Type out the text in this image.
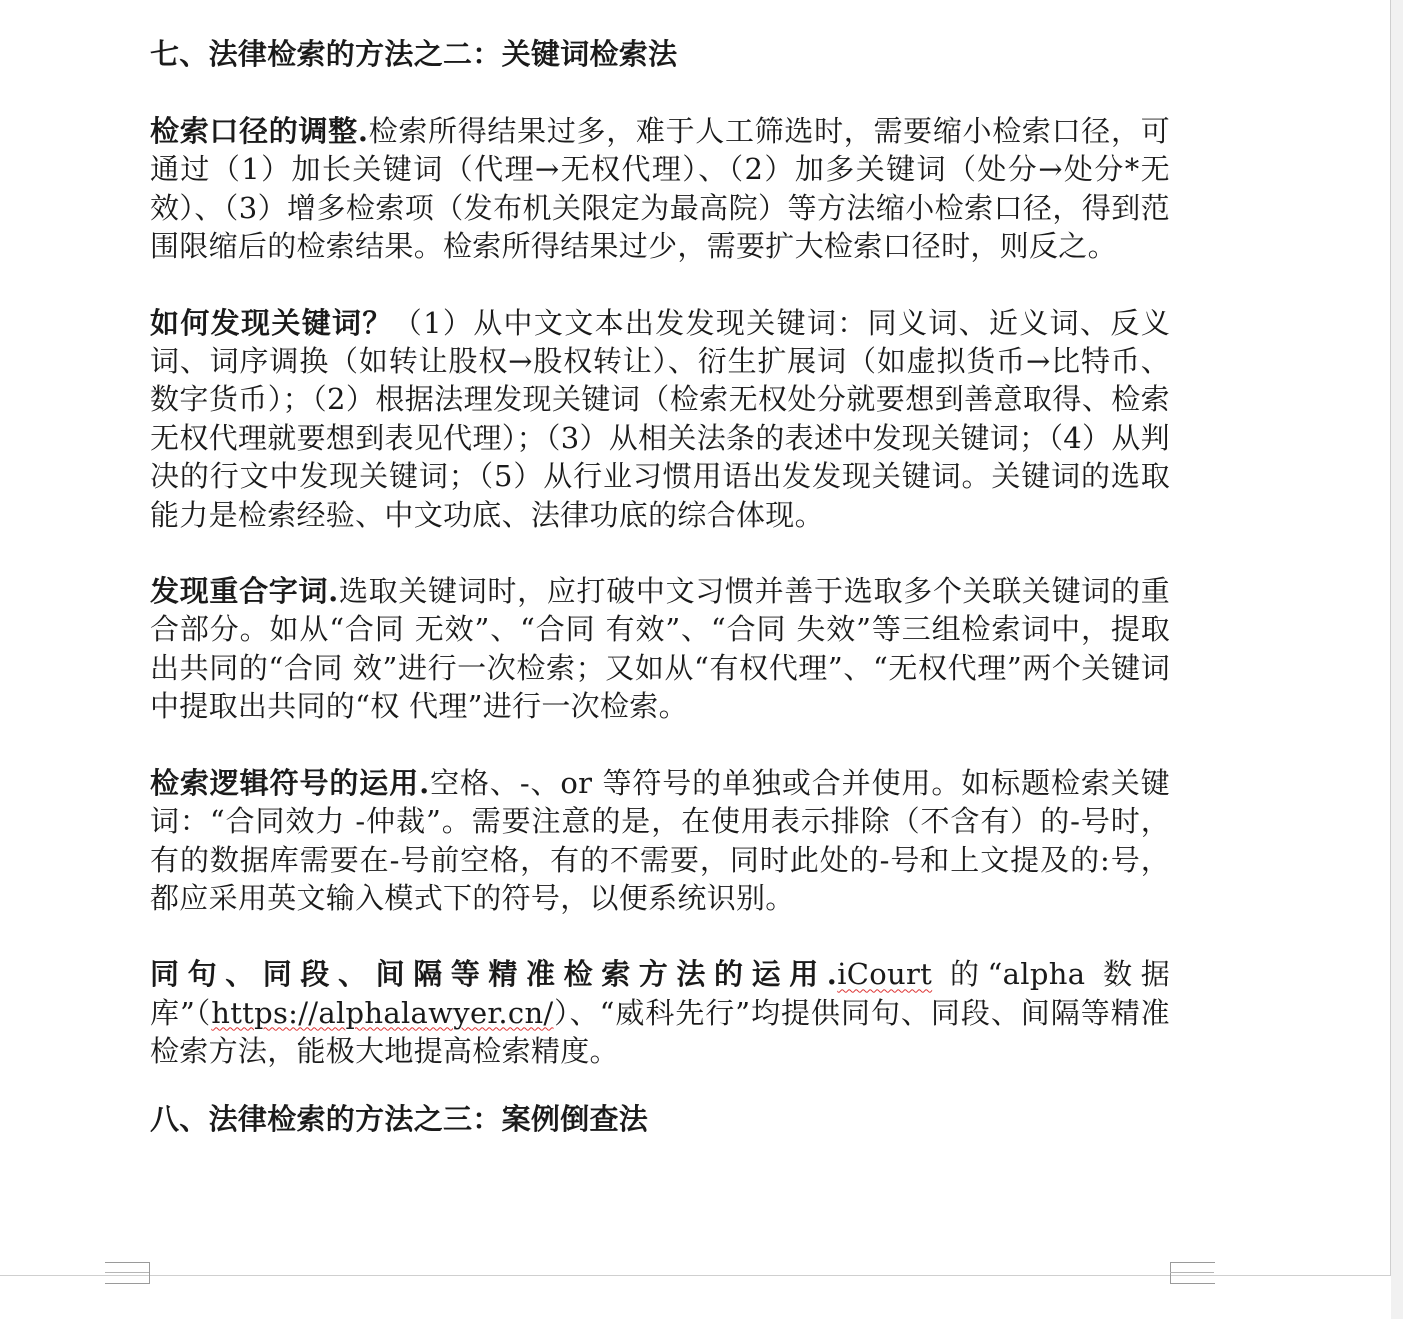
七、法律检索的方法之二：关键词检索法

检索口径的调整.检索所得结果过多，难于人工筛选时，需要缩小检索口径，可通过（1）加长关键词（代理→无权代理）、（2）加多关键词（处分→处分*无效）、（3）增多检索项（发布机关限定为最高院）等方法缩小检索口径，得到范围限缩后的检索结果。检索所得结果过少，需要扩大检索口径时，则反之。

如何发现关键词？（1）从中文文本出发发现关键词：同义词、近义词、反义词、词序调换（如转让股权→股权转让）、衍生扩展词（如虚拟货币→比特币、数字货币）；（2）根据法理发现关键词（检索无权处分就要想到善意取得、检索无权代理就要想到表见代理）；（3）从相关法条的表述中发现关键词；（4）从判决的行文中发现关键词；（5）从行业习惯用语出发发现关键词。关键词的选取能力是检索经验、中文功底、法律功底的综合体现。

发现重合字词.选取关键词时，应打破中文习惯并善于选取多个关联关键词的重合部分。如从“合同 无效”、“合同 有效”、“合同 失效”等三组检索词中，提取出共同的“合同 效”进行一次检索；又如从“有权代理”、“无权代理”两个关键词中提取出共同的“权 代理”进行一次检索。

检索逻辑符号的运用.空格、-、or 等符号的单独或合并使用。如标题检索关键词：“合同效力 -仲裁”。需要注意的是，在使用表示排除（不含有）的-号时，有的数据库需要在-号前空格，有的不需要，同时此处的-号和上文提及的:号，都应采用英文输入模式下的符号，以便系统识别。

同句、同段、间隔等精准检索方法的运用.iCourt 的“alpha 数据库”（https://alphalawyer.cn/）、“威科先行”均提供同句、同段、间隔等精准检索方法，能极大地提高检索精度。

八、法律检索的方法之三：案例倒查法
